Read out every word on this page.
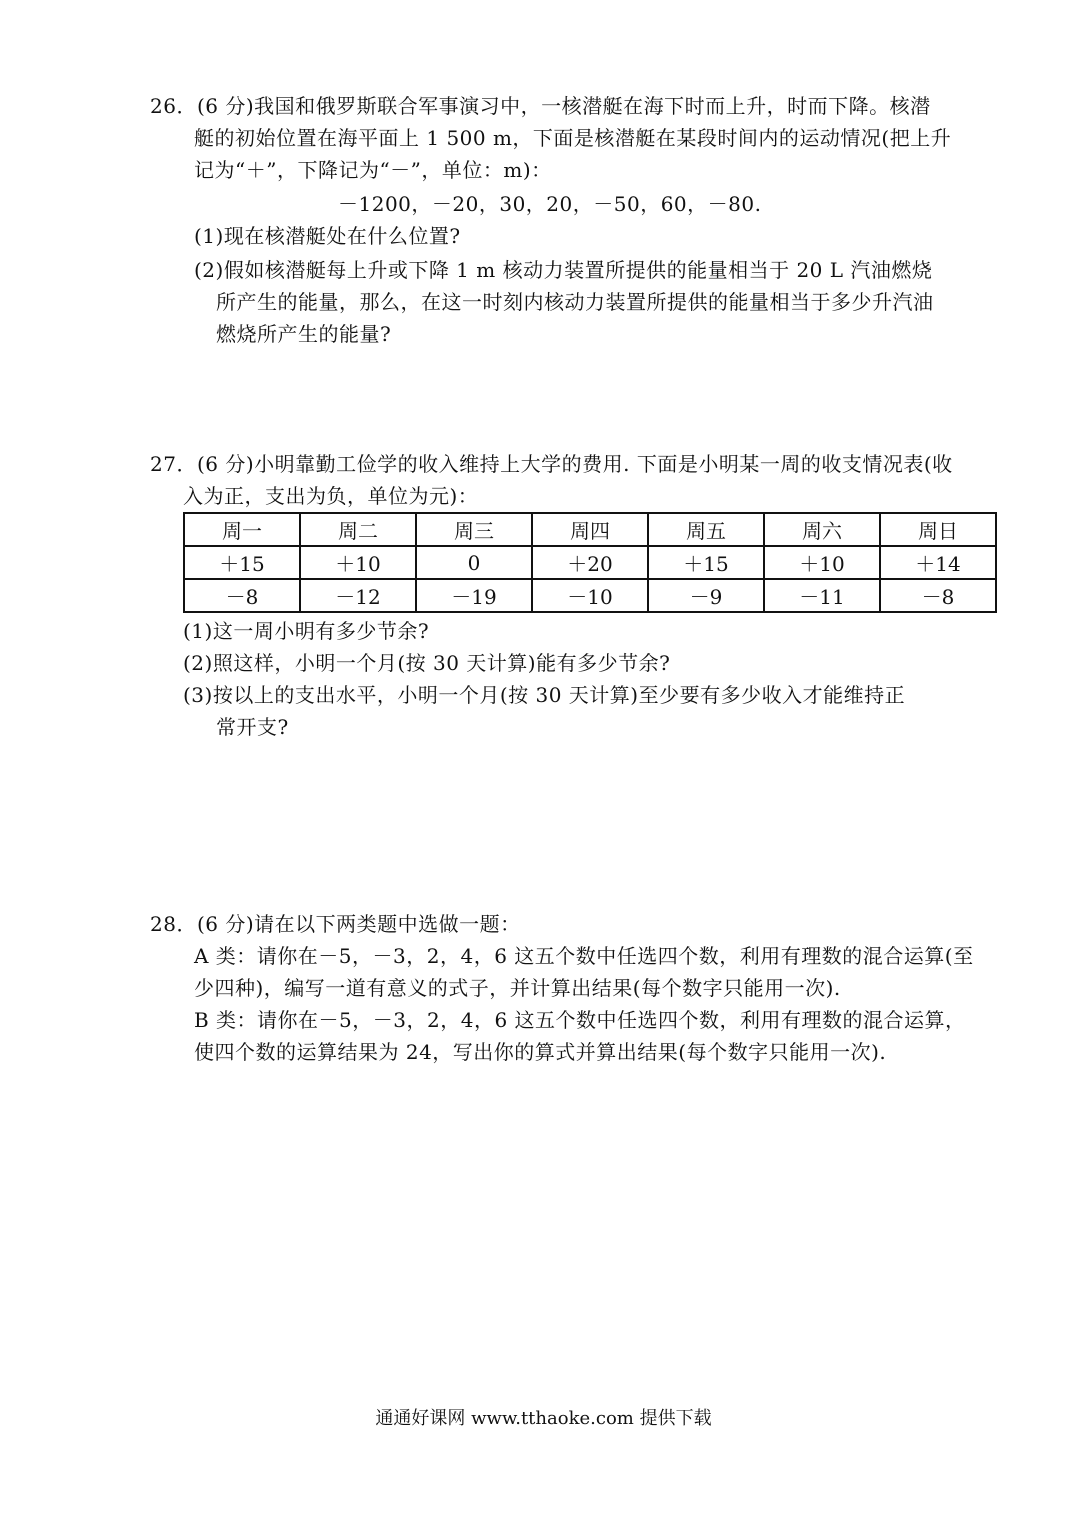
26．(6 分)我国和俄罗斯联合军事演习中，一核潜艇在海下时而上升，时而下降。核潜
艇的初始位置在海平面上 1 500 m，下面是核潜艇在某段时间内的运动情况(把上升
记为“＋”，下降记为“－”，单位：m)：
－1200，－20，30，20，－50，60，－80.
(1)现在核潜艇处在什么位置?
(2)假如核潜艇每上升或下降 1 m 核动力装置所提供的能量相当于 20 L 汽油燃烧
所产生的能量，那么，在这一时刻内核动力装置所提供的能量相当于多少升汽油
燃烧所产生的能量?
27．(6 分)小明靠勤工俭学的收入维持上大学的费用. 下面是小明某一周的收支情况表(收
入为正，支出为负，单位为元)：
周一	周二	周三	周四	周五	周六	周日
＋15	＋10	0	＋20	＋15	＋10	＋14
－8	－12	－19	－10	－9	－11	－8
(1)这一周小明有多少节余?
(2)照这样，小明一个月(按 30 天计算)能有多少节余?
(3)按以上的支出水平，小明一个月(按 30 天计算)至少要有多少收入才能维持正
常开支?
28．(6 分)请在以下两类题中选做一题：
A 类：请你在－5，－3，2，4，6 这五个数中任选四个数，利用有理数的混合运算(至
少四种)，编写一道有意义的式子，并计算出结果(每个数字只能用一次).
B 类：请你在－5，－3，2，4，6 这五个数中任选四个数，利用有理数的混合运算，
使四个数的运算结果为 24，写出你的算式并算出结果(每个数字只能用一次).
通通好课网 www.tthaoke.com 提供下载
